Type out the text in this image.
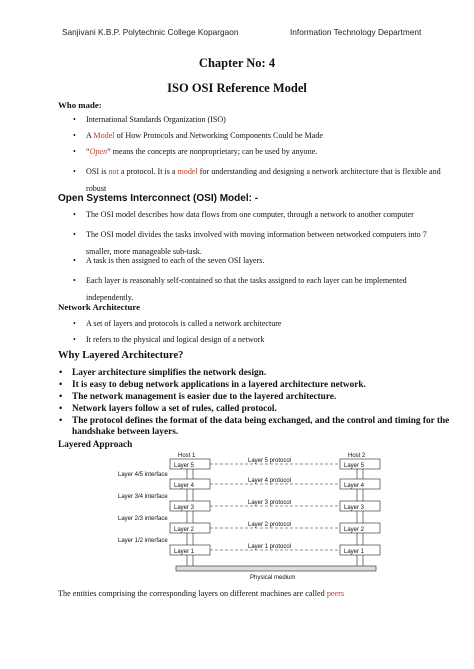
Sanjivani K.B.P. Polytechnic College Kopargaon	Information Technology Department
Chapter No: 4
ISO OSI Reference Model
Who made:
• International Standards Organization (ISO)
• A Model of How Protocols and Networking Components Could be Made
• “Open” means the concepts are nonproprietary; can be used by anyone.
• OSI is not a protocol. It is a model for understanding and designing a network architecture that is flexible and robust
Open Systems Interconnect (OSI) Model: -
• The OSI model describes how data flows from one computer, through a network to another computer
• The OSI model divides the tasks involved with moving information between networked computers into 7 smaller, more manageable sub-task.
• A task is then assigned to each of the seven OSI layers.
• Each layer is reasonably self-contained so that the tasks assigned to each layer can be implemented independently.
Network Architecture
• A set of layers and protocols is called a network architecture
• It refers to the physical and logical design of a network
Why Layered Architecture?
• Layer architecture simplifies the network design.
• It is easy to debug network applications in a layered architecture network.
• The network management is easier due to the layered architecture.
• Network layers follow a set of rules, called protocol.
• The protocol defines the format of the data being exchanged, and the control and timing for the handshake between layers.
Layered Approach
Host 1	Host 2
Layer 5
Layer 4
Layer 3
Layer 2
Layer 1
Layer 5
Layer 4
Layer 3
Layer 2
Layer 1
Layer 5 protocol
Layer 4 protocol
Layer 3 protocol
Layer 2 protocol
Layer 1 protocol
Layer 4/5 interface
Layer 3/4 interface
Layer 2/3 interface
Layer 1/2 interface
Physical medium
The entities comprising the corresponding layers on different machines are called peers
